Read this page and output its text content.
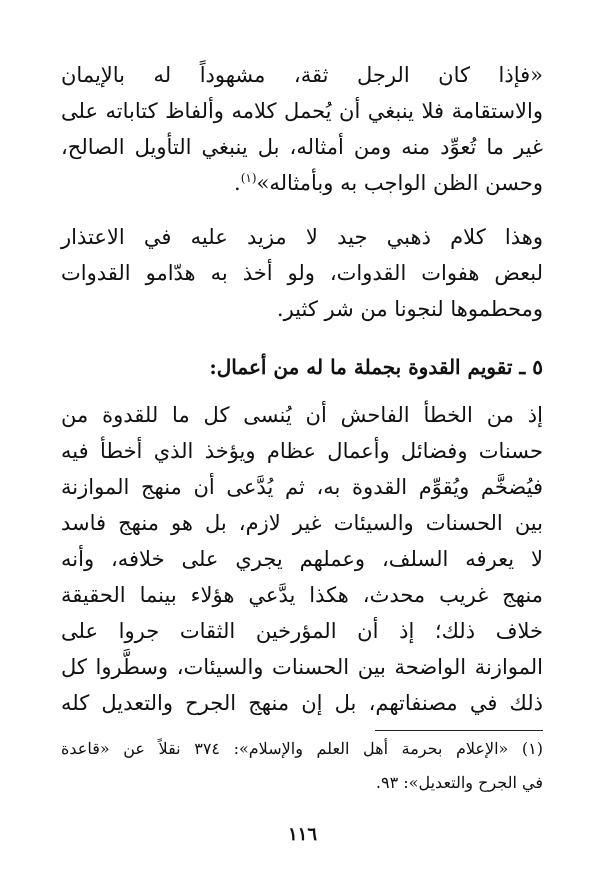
«فإذا كان الرجل ثقة، مشهوداً له بالإيمان
والاستقامة فلا ينبغي أن يُحمل كلامه وألفاظ كتاباته على
غير ما تُعوِّد منه ومن أمثاله، بل ينبغي التأويل الصالح،
وحسن الظن الواجب به وبأمثاله»$^{(١)}$.
وهذا كلام ذهبي جيد لا مزيد عليه في الاعتذار
لبعض هفوات القدوات، ولو أخذ به هدّامو القدوات
ومحطموها لنجونا من شر كثير.
٥ ـ تقويم القدوة بجملة ما له من أعمال:
إذ من الخطأ الفاحش أن يُنسى كل ما للقدوة من
حسنات وفضائل وأعمال عظام ويؤخذ الذي أخطأ فيه
فيُضخَّم ويُقوِّم القدوة به، ثم يُدَّعى أن منهج الموازنة
بين الحسنات والسيئات غير لازم، بل هو منهج فاسد
لا يعرفه السلف، وعملهم يجري على خلافه، وأنه
منهج غريب محدث، هكذا يدَّعي هؤلاء بينما الحقيقة
خلاف ذلك؛ إذ أن المؤرخين الثقات جروا على
الموازنة الواضحة بين الحسنات والسيئات، وسطَّروا كل
ذلك في مصنفاتهم، بل إن منهج الجرح والتعديل كله
(١) «الإعلام بحرمة أهل العلم والإسلام»: ٣٧٤ نقلاً عن «قاعدة
في الجرح والتعديل»: ٩٣.
١١٦
